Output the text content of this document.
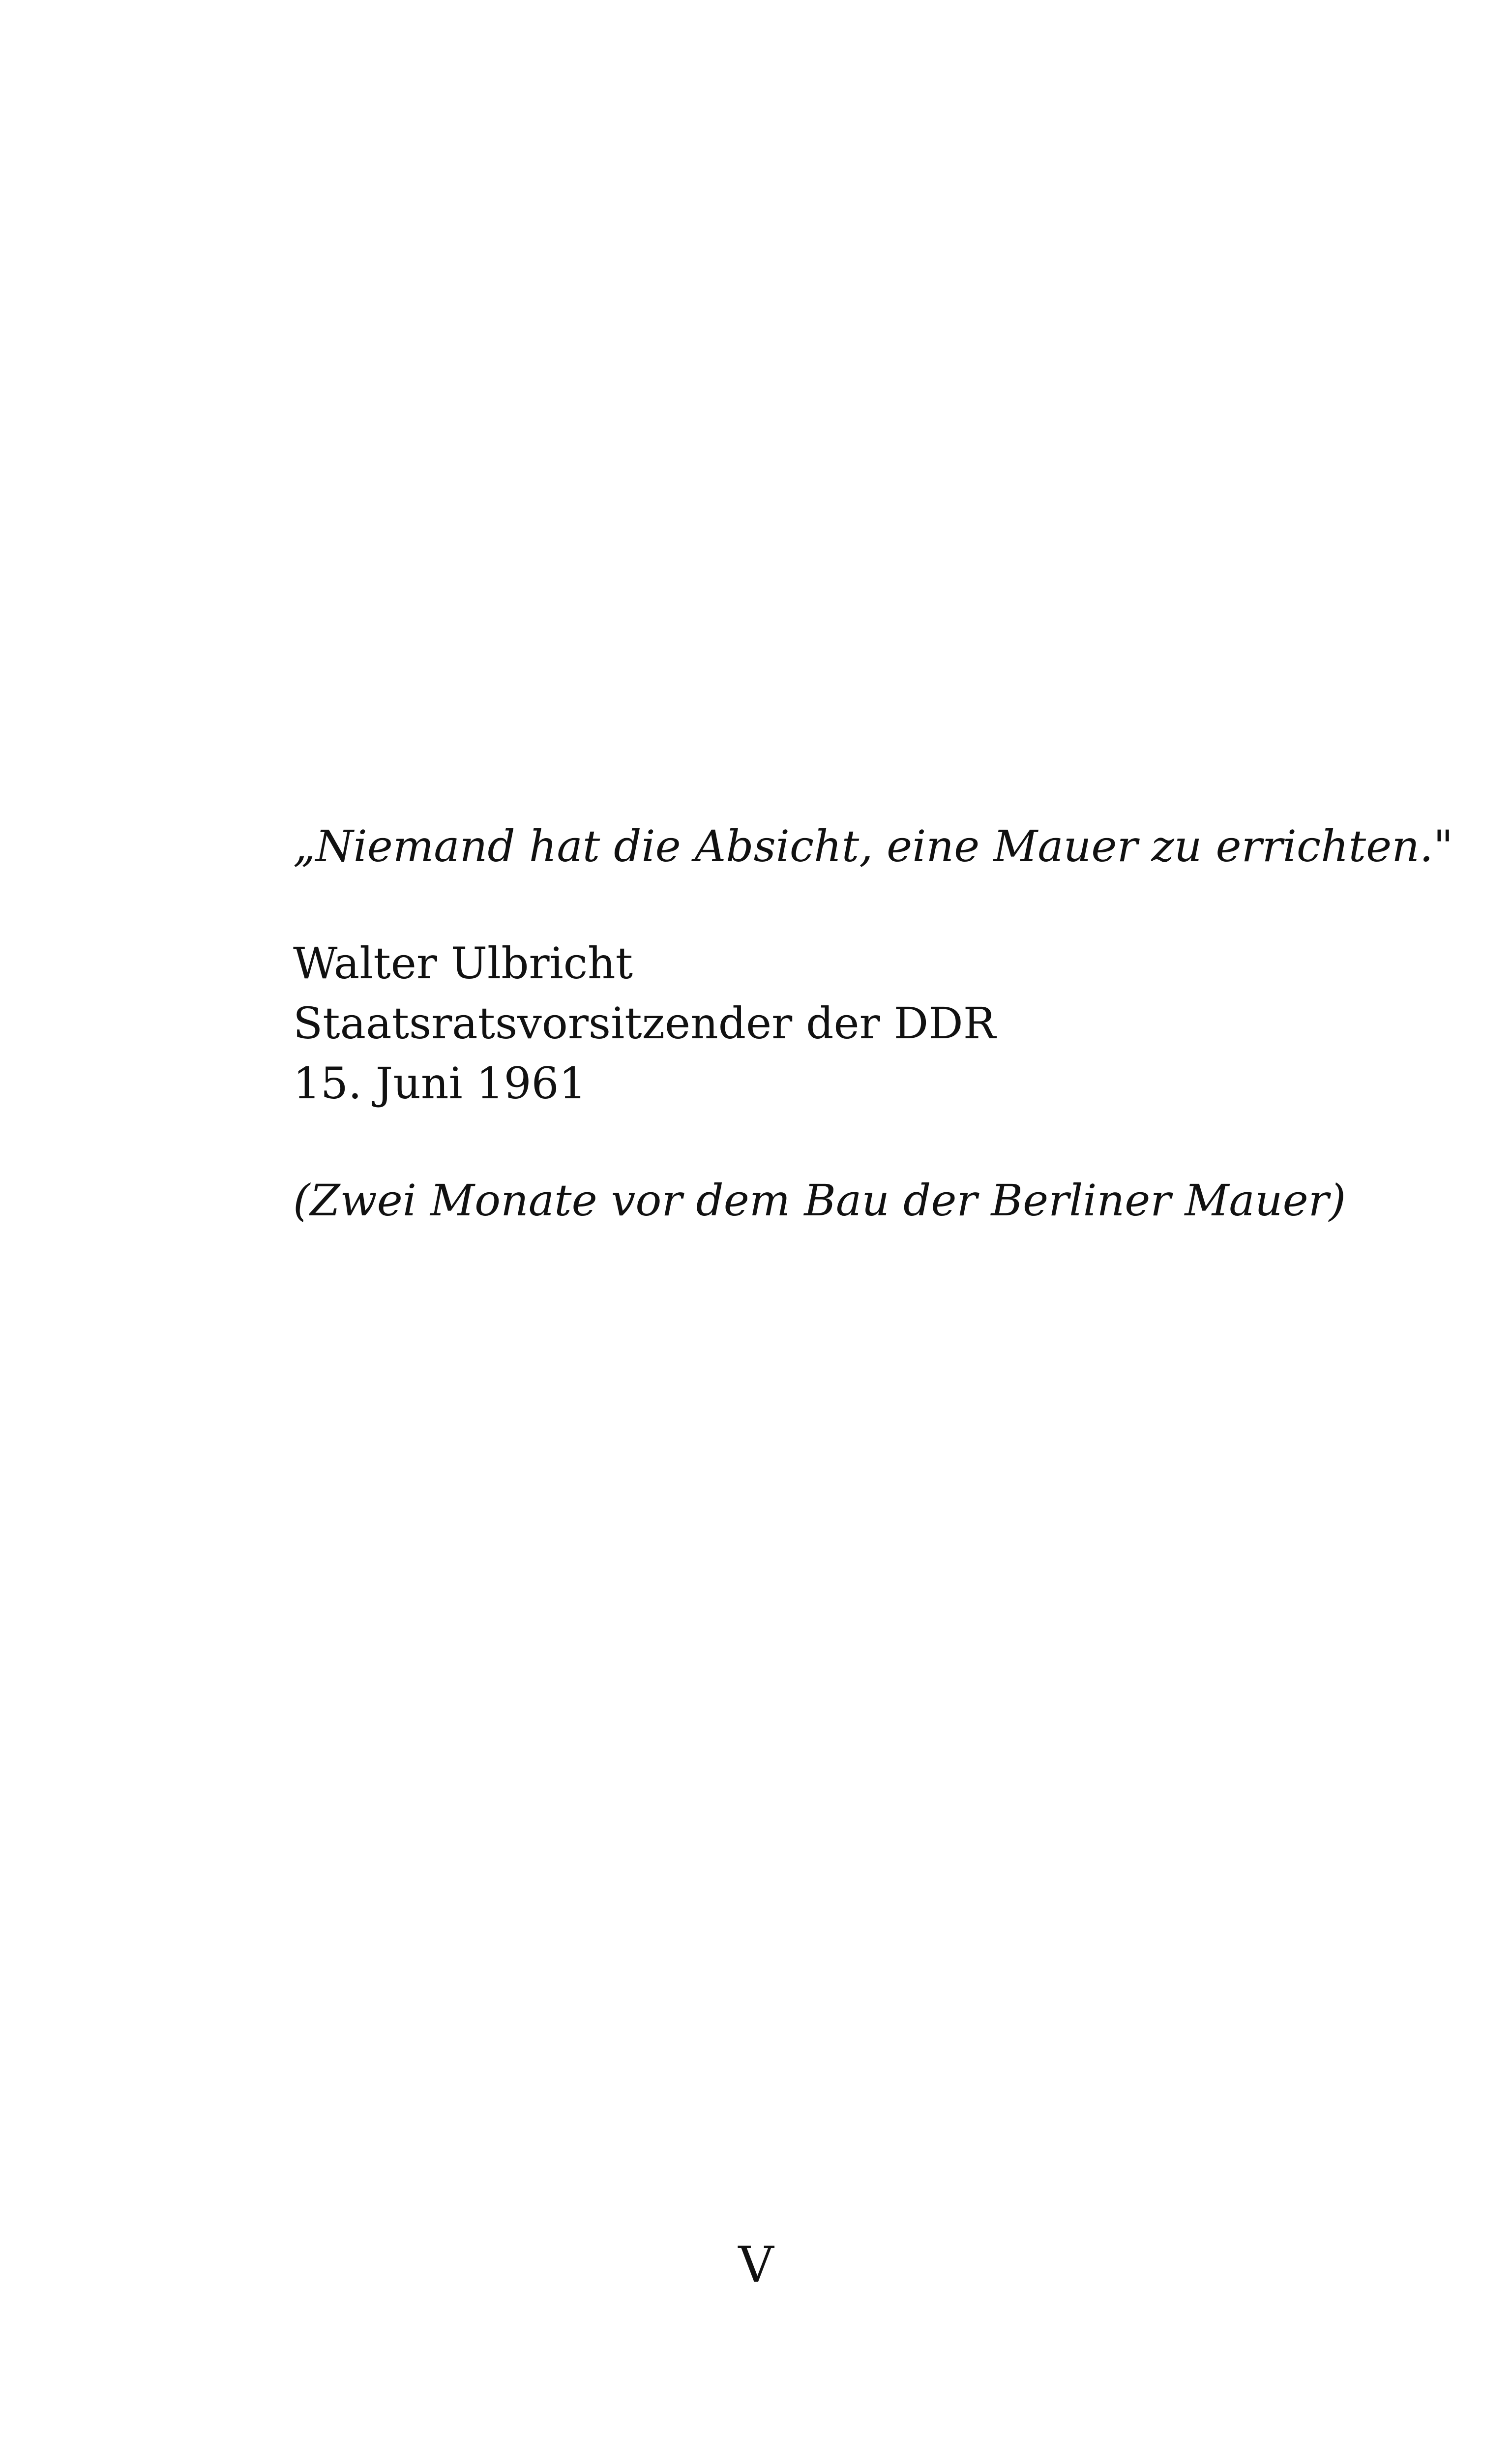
„Niemand hat die Absicht, eine Mauer zu errichten."

Walter Ulbricht

Staatsratsvorsitzender der DDR

15. Juni 1961

(Zwei Monate vor dem Bau der Berliner Mauer)

V
